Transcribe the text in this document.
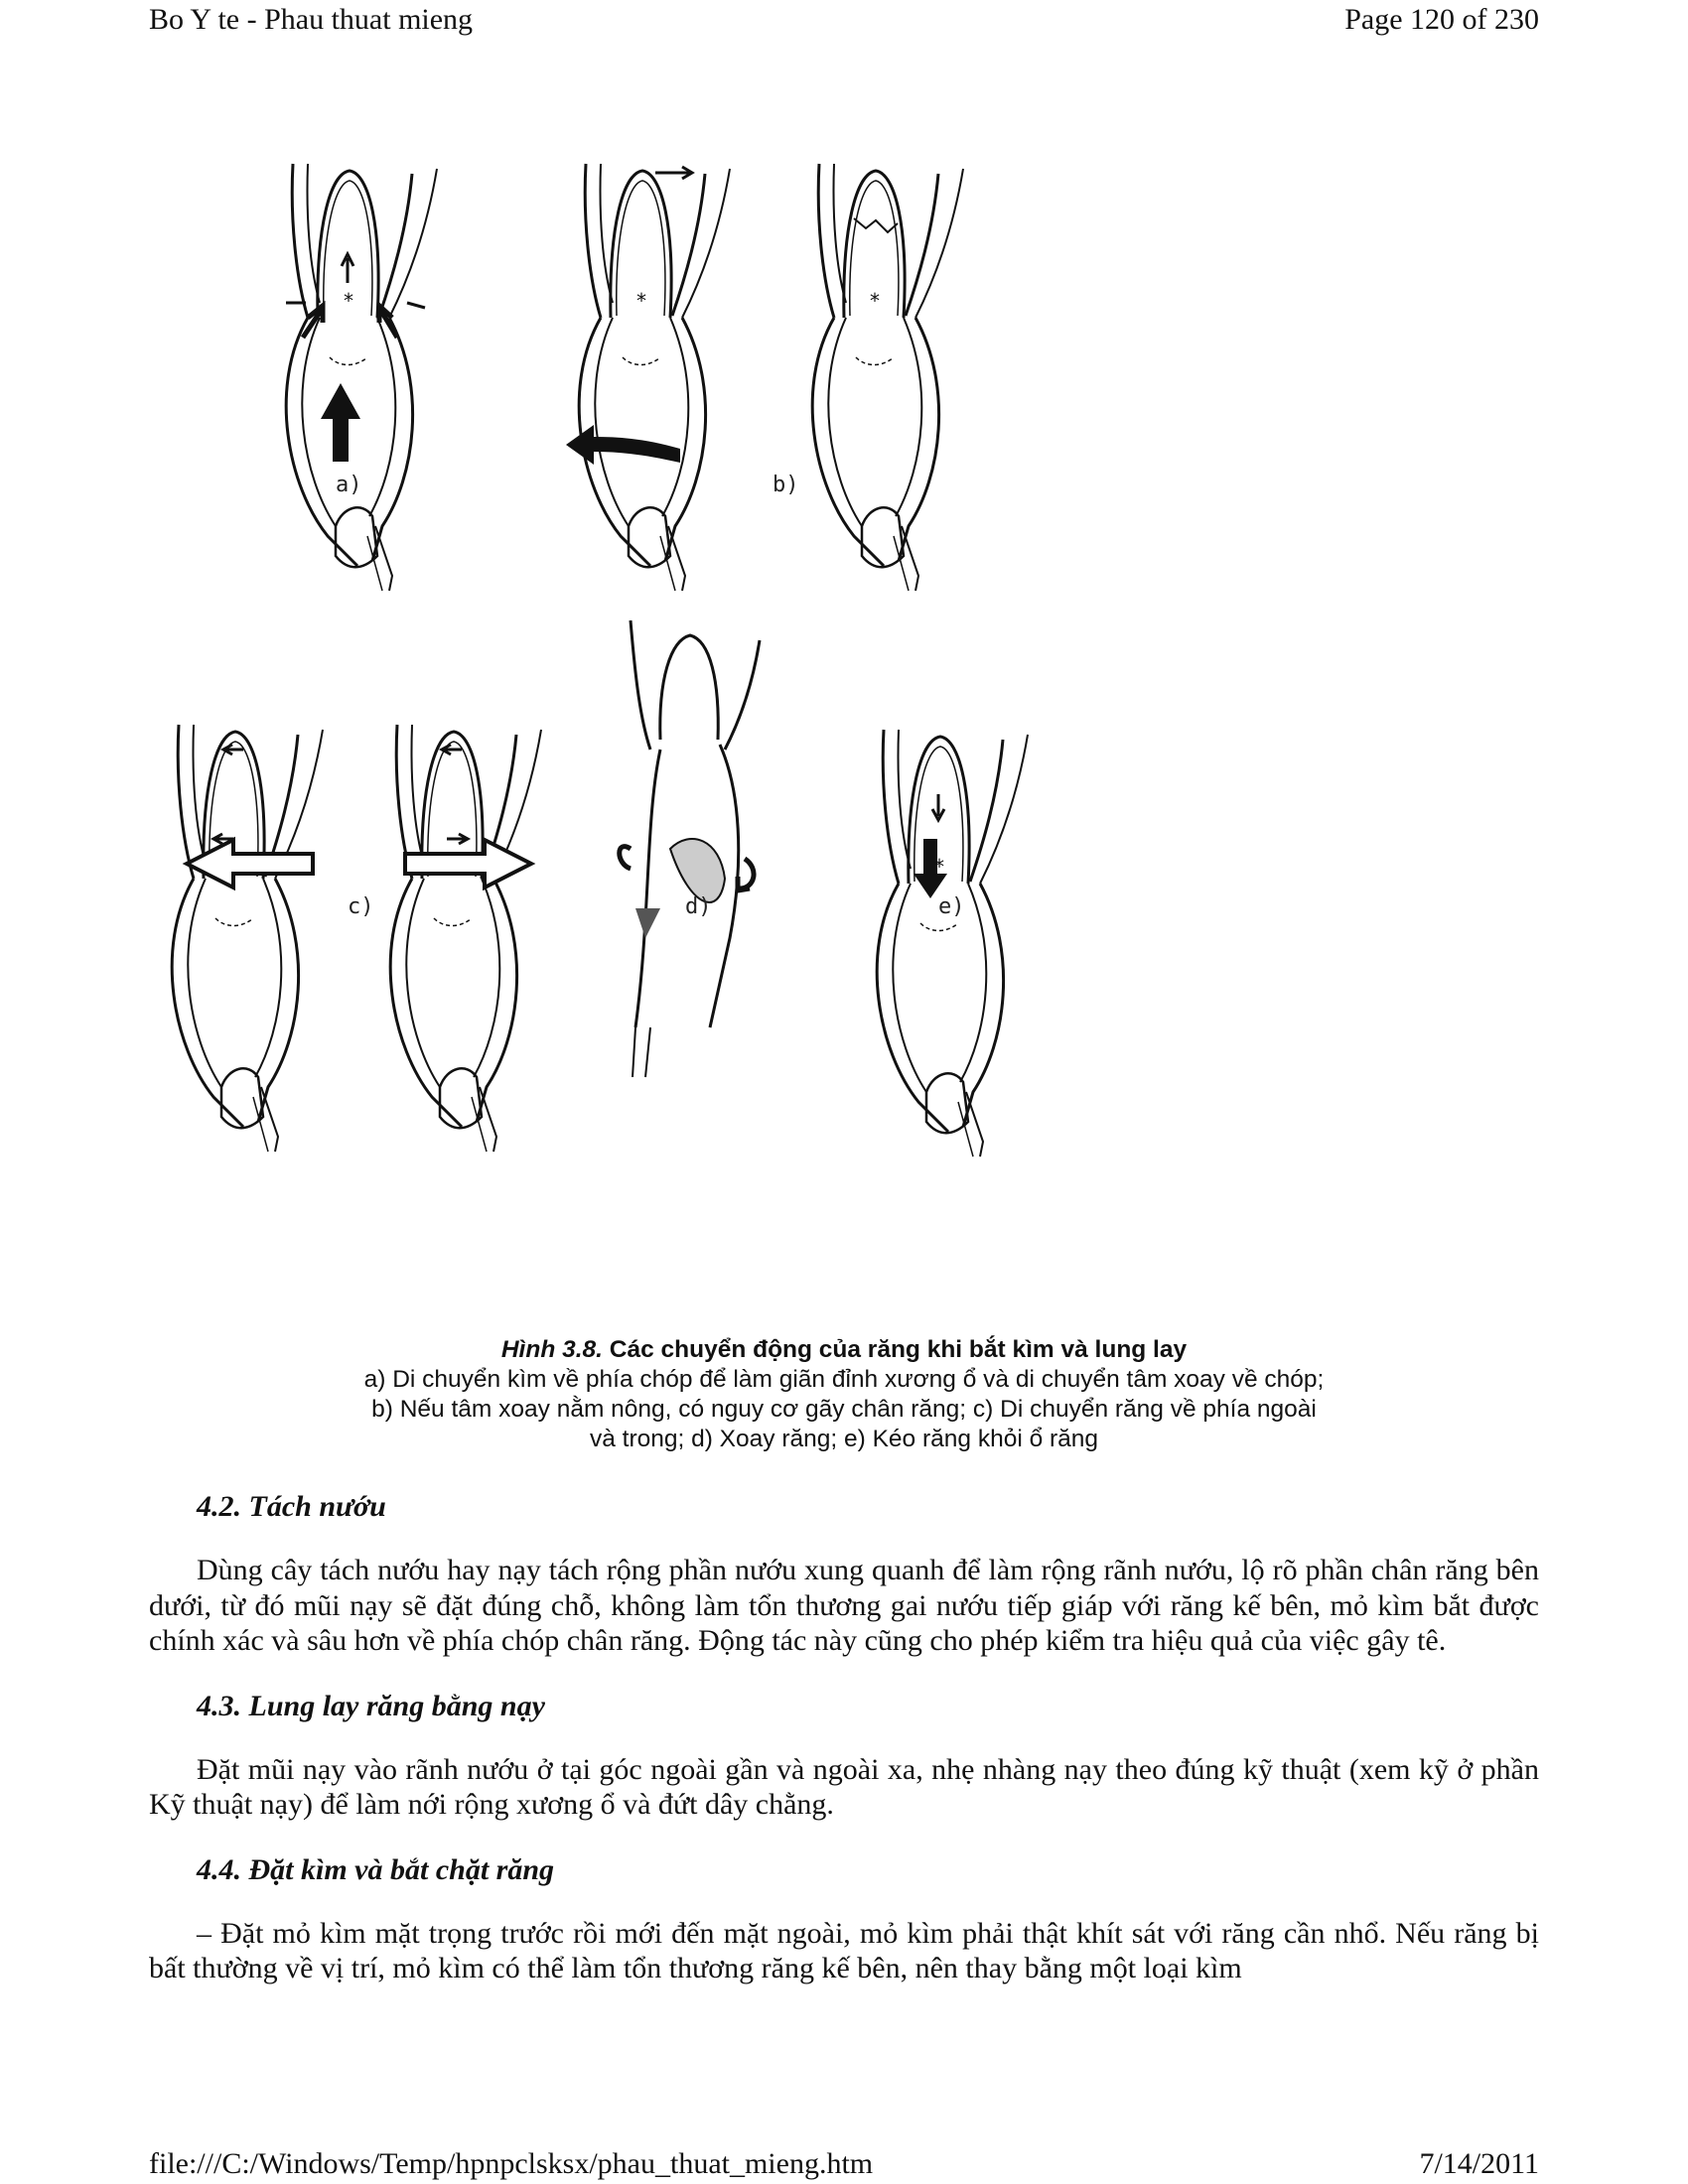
Bo Y te - Phau thuat mieng	Page 120 of 230
*
a)	b)
c)	d)	e)
Hình 3.8. Các chuyển động của răng khi bắt kìm và lung lay
a) Di chuyển kìm về phía chóp để làm giãn đỉnh xương ổ và di chuyển tâm xoay về chóp;
b) Nếu tâm xoay nằm nông, có nguy cơ gãy chân răng; c) Di chuyển răng về phía ngoài
và trong; d) Xoay răng; e) Kéo răng khỏi ổ răng
4.2. Tách nướu

Dùng cây tách nướu hay nạy tách rộng phần nướu xung quanh để làm rộng rãnh nướu, lộ rõ phần chân răng bên dưới, từ đó mũi nạy sẽ đặt đúng chỗ, không làm tổn thương gai nướu tiếp giáp với răng kế bên, mỏ kìm bắt được chính xác và sâu hơn về phía chóp chân răng. Động tác này cũng cho phép kiểm tra hiệu quả của việc gây tê.

4.3. Lung lay răng bằng nạy

Đặt mũi nạy vào rãnh nướu ở tại góc ngoài gần và ngoài xa, nhẹ nhàng nạy theo đúng kỹ thuật (xem kỹ ở phần Kỹ thuật nạy) để làm nới rộng xương ổ và đứt dây chằng.

4.4. Đặt kìm và bắt chặt răng

– Đặt mỏ kìm mặt trọng trước rồi mới đến mặt ngoài, mỏ kìm phải thật khít sát với răng cần nhổ. Nếu răng bị bất thường về vị trí, mỏ kìm có thể làm tổn thương răng kế bên, nên thay bằng một loại kìm

file:///C:/Windows/Temp/hpnpclsksx/phau_thuat_mieng.htm	7/14/2011
